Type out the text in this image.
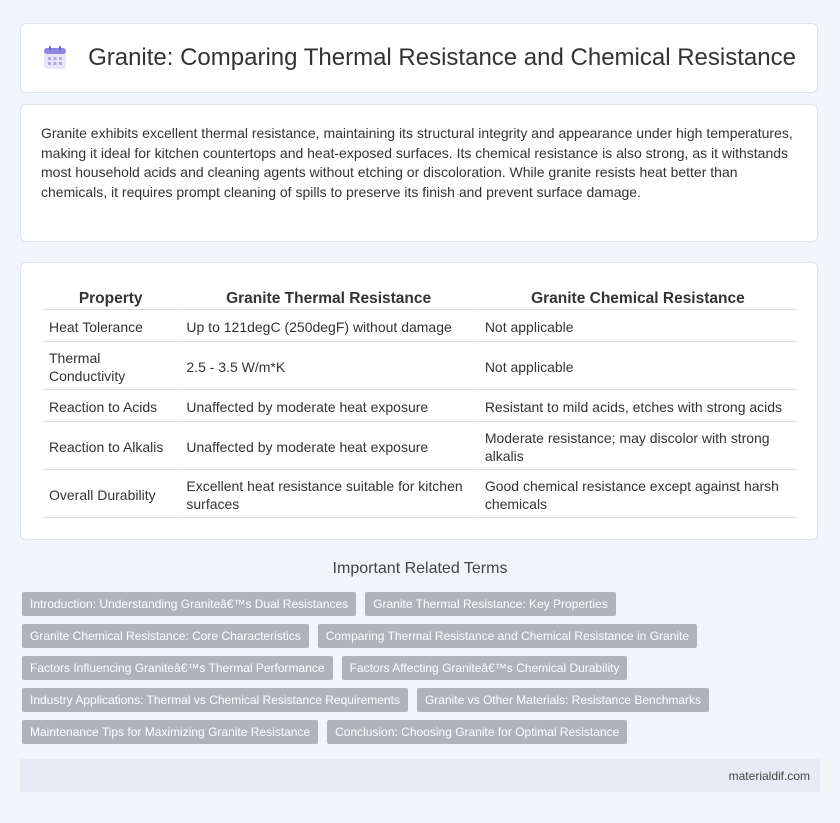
Granite: Comparing Thermal Resistance and Chemical Resistance
Granite exhibits excellent thermal resistance, maintaining its structural integrity and appearance under high temperatures, making it ideal for kitchen countertops and heat-exposed surfaces. Its chemical resistance is also strong, as it withstands most household acids and cleaning agents without etching or discoloration. While granite resists heat better than chemicals, it requires prompt cleaning of spills to preserve its finish and prevent surface damage.
Property	Granite Thermal Resistance	Granite Chemical Resistance
Heat Tolerance	Up to 121degC (250degF) without damage	Not applicable
Thermal Conductivity	2.5 - 3.5 W/m*K	Not applicable
Reaction to Acids	Unaffected by moderate heat exposure	Resistant to mild acids, etches with strong acids
Reaction to Alkalis	Unaffected by moderate heat exposure	Moderate resistance; may discolor with strong alkalis
Overall Durability	Excellent heat resistance suitable for kitchen surfaces	Good chemical resistance except against harsh chemicals
Important Related Terms
Introduction: Understanding Graniteâ€™s Dual Resistances	Granite Thermal Resistance: Key Properties
Granite Chemical Resistance: Core Characteristics	Comparing Thermal Resistance and Chemical Resistance in Granite
Factors Influencing Graniteâ€™s Thermal Performance	Factors Affecting Graniteâ€™s Chemical Durability
Industry Applications: Thermal vs Chemical Resistance Requirements	Granite vs Other Materials: Resistance Benchmarks
Maintenance Tips for Maximizing Granite Resistance	Conclusion: Choosing Granite for Optimal Resistance
materialdif.com
